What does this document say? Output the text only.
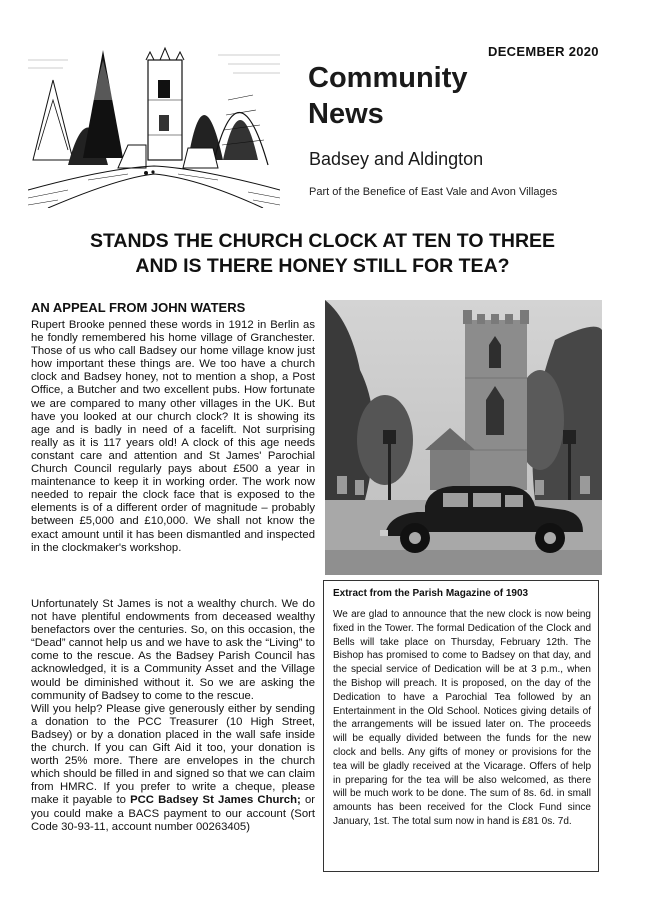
DECEMBER 2020
Community
News
Badsey and Aldington
Part of the Benefice of East Vale and Avon Villages
STANDS THE CHURCH CLOCK AT TEN TO THREE
AND IS THERE HONEY STILL FOR TEA?
AN APPEAL FROM JOHN WATERS

Rupert Brooke penned these words in 1912 in Berlin as he fondly remembered his home village of Granchester. Those of us who call Badsey our home village know just how important these things are. We too have a church clock and Badsey honey, not to mention a shop, a Post Office, a Butcher and two excellent pubs. How fortunate we are compared to many other villages in the UK. But have you looked at our church clock? It is showing its age and is badly in need of a facelift. Not surprising really as it is 117 years old! A clock of this age needs constant care and attention and St James' Parochial Church Council regularly pays about £500 a year in maintenance to keep it in working order. The work now needed to repair the clock face that is exposed to the elements is of a different order of magnitude – probably between £5,000 and £10,000. We shall not know the exact amount until it has been dismantled and inspected in the clockmaker's workshop.

Unfortunately St James is not a wealthy church. We do not have plentiful endowments from deceased wealthy benefactors over the centuries. So, on this occasion, the “Dead” cannot help us and we have to ask the “Living” to come to the rescue. As the Badsey Parish Council has acknowledged, it is a Community Asset and the Village would be diminished without it. So we are asking the community of Badsey to come to the rescue.

Will you help? Please give generously either by sending a donation to the PCC Treasurer (10 High Street, Badsey) or by a donation placed in the wall safe inside the church. If you can Gift Aid it too, your donation is worth 25% more. There are envelopes in the church which should be filled in and signed so that we can claim from HMRC. If you prefer to write a cheque, please make it payable to PCC Badsey St James Church; or you could make a BACS payment to our account (Sort Code 30-93-11, account number 00263405)

Extract from the Parish Magazine of 1903

We are glad to announce that the new clock is now being fixed in the Tower. The formal Dedication of the Clock and Bells will take place on Thursday, February 12th. The Bishop has promised to come to Badsey on that day, and the special service of Dedication will be at 3 p.m., when the Bishop will preach. It is proposed, on the day of the Dedication to have a Parochial Tea followed by an Entertainment in the Old School. Notices giving details of the arrangements will be issued later on. The proceeds will be equally divided between the funds for the new clock and bells. Any gifts of money or provisions for the tea will be gladly received at the Vicarage. Offers of help in preparing for the tea will be also welcomed, as there will be much work to be done. The sum of 8s. 6d. in small amounts has been received for the Clock Fund since January, 1st. The total sum now in hand is £81 0s. 7d.
